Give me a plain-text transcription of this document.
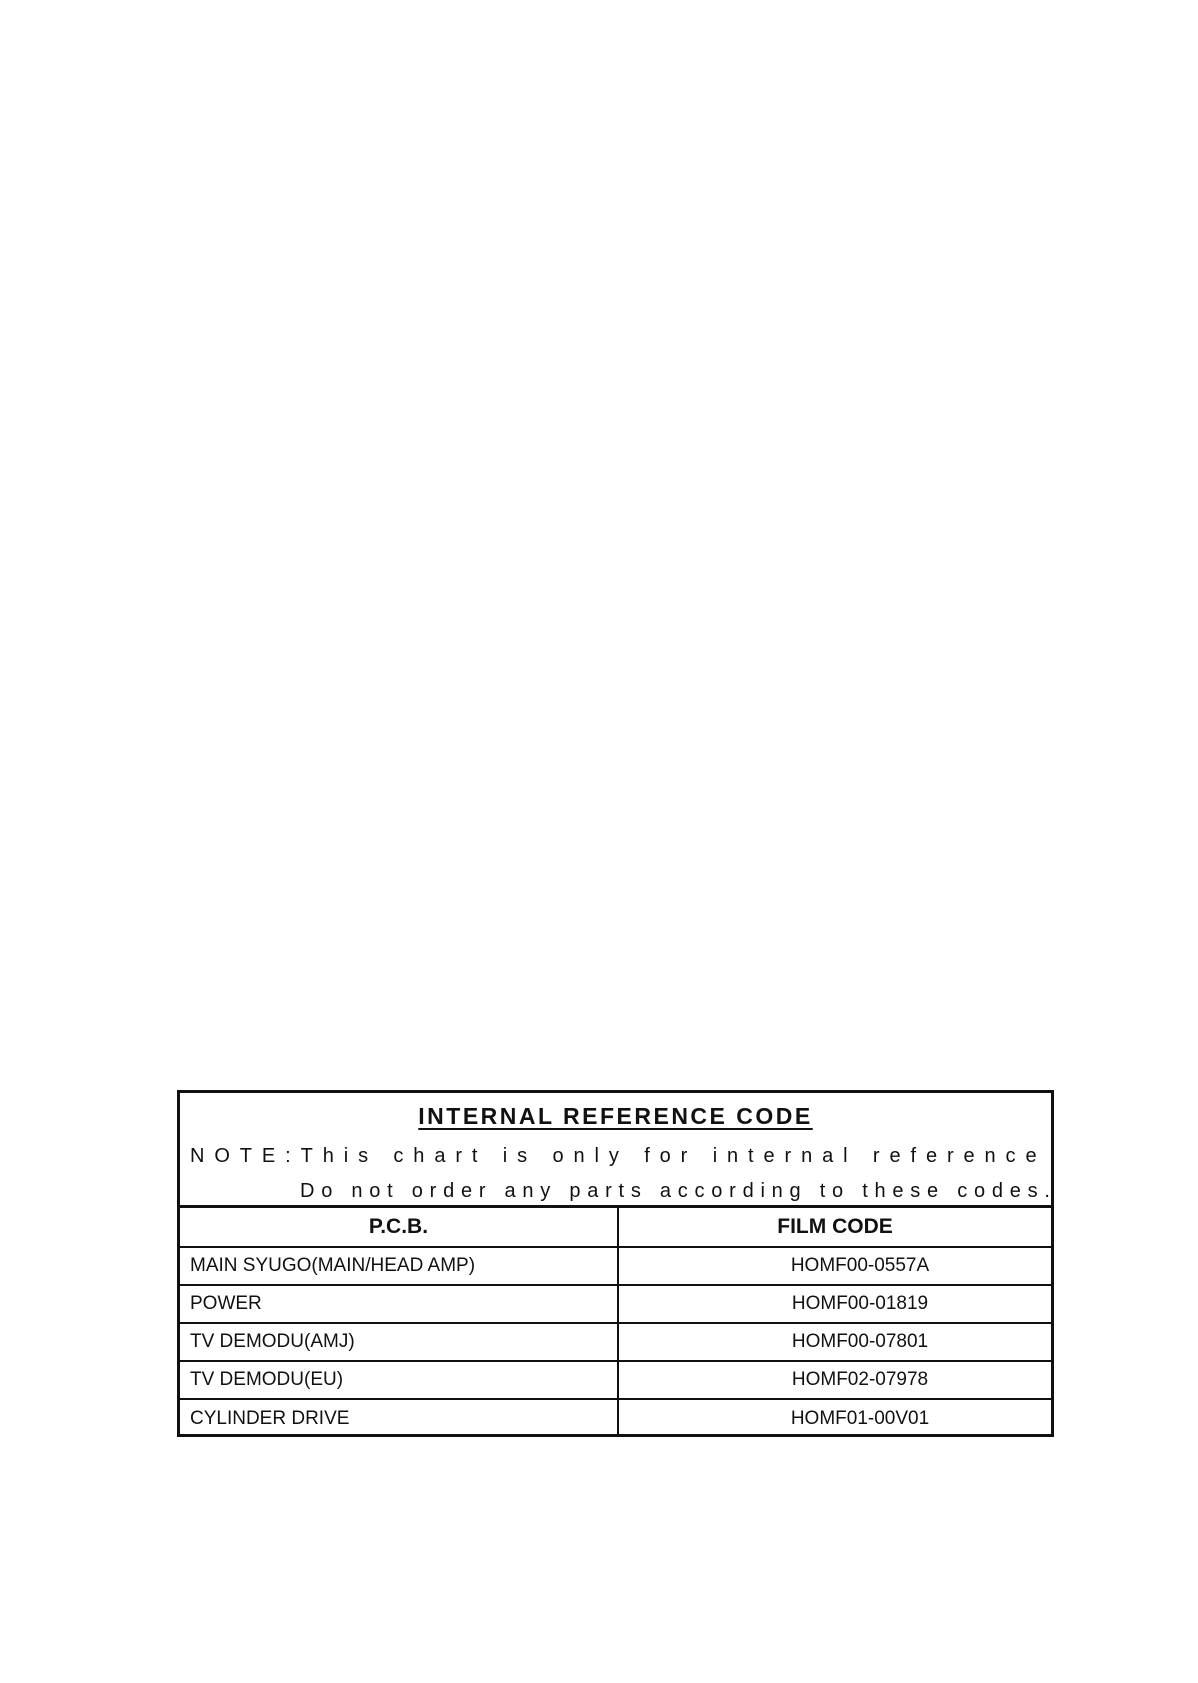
INTERNAL REFERENCE CODE
N O T E : T h i s
c h a r t
i s
o n l y
f o r
i n t e r n a l
r e f e r e n c e
D o
n o t
o r d e r
a n y
p a r t s
a c c o r d i n g
t o
t h e s e
c o d e s .
P.C.B.	FILM CODE
MAIN SYUGO(MAIN/HEAD AMP)	HOMF00-0557A
POWER	HOMF00-01819
TV DEMODU(AMJ)	HOMF00-07801
TV DEMODU(EU)	HOMF02-07978
CYLINDER DRIVE	HOMF01-00V01
